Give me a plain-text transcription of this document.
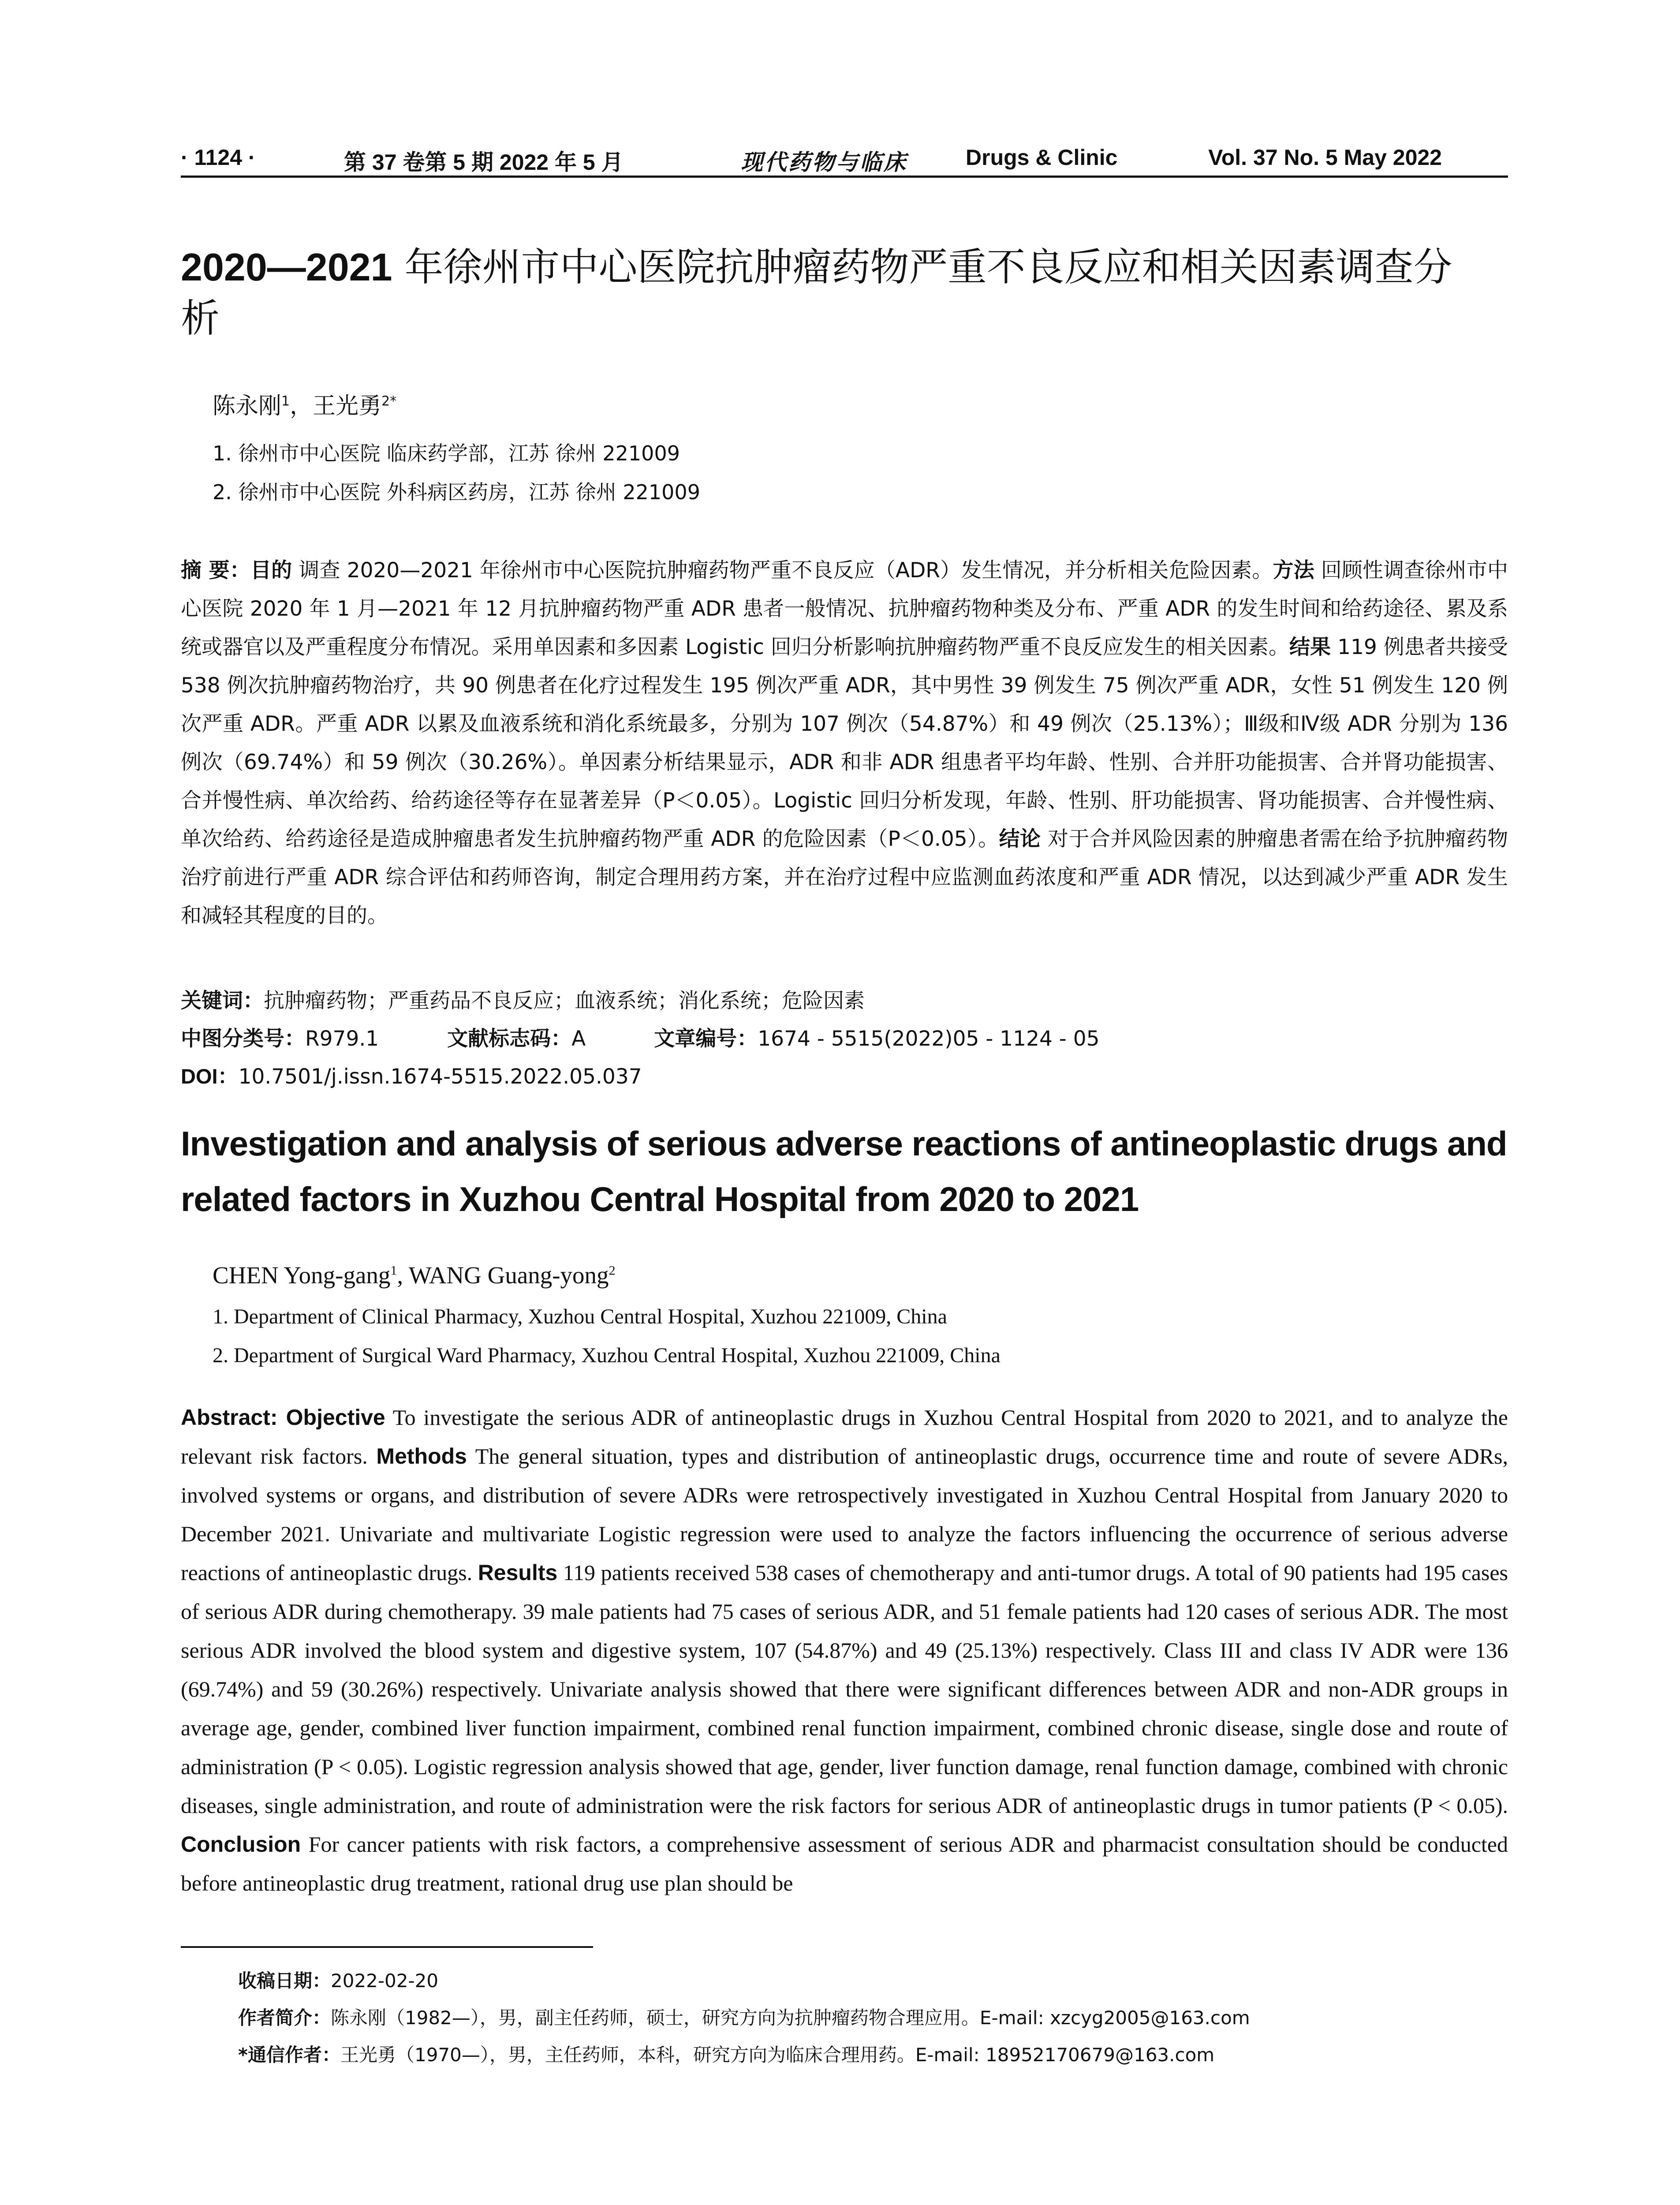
· 1124 ·	第 37 卷第 5 期 2022 年 5 月	现代药物与临床	Drugs & Clinic	Vol. 37 No. 5 May 2022
2020—2021 年徐州市中心医院抗肿瘤药物严重不良反应和相关因素调查分析
陈永刚$^1$，王光勇$^{2*}$
1. 徐州市中心医院 临床药学部，江苏 徐州 221009
2. 徐州市中心医院 外科病区药房，江苏 徐州 221009
摘 要：目的 调查 2020—2021 年徐州市中心医院抗肿瘤药物严重不良反应（ADR）发生情况，并分析相关危险因素。方法 回顾性调查徐州市中心医院 2020 年 1 月—2021 年 12 月抗肿瘤药物严重 ADR 患者一般情况、抗肿瘤药物种类及分布、严重 ADR 的发生时间和给药途径、累及系统或器官以及严重程度分布情况。采用单因素和多因素 Logistic 回归分析影响抗肿瘤药物严重不良反应发生的相关因素。结果 119 例患者共接受 538 例次抗肿瘤药物治疗，共 90 例患者在化疗过程发生 195 例次严重 ADR，其中男性 39 例发生 75 例次严重 ADR，女性 51 例发生 120 例次严重 ADR。严重 ADR 以累及血液系统和消化系统最多，分别为 107 例次（54.87%）和 49 例次（25.13%）；Ⅲ级和Ⅳ级 ADR 分别为 136 例次（69.74%）和 59 例次（30.26%）。单因素分析结果显示，ADR 和非 ADR 组患者平均年龄、性别、合并肝功能损害、合并肾功能损害、合并慢性病、单次给药、给药途径等存在显著差异（P＜0.05）。Logistic 回归分析发现，年龄、性别、肝功能损害、肾功能损害、合并慢性病、单次给药、给药途径是造成肿瘤患者发生抗肿瘤药物严重 ADR 的危险因素（P＜0.05）。结论 对于合并风险因素的肿瘤患者需在给予抗肿瘤药物治疗前进行严重 ADR 综合评估和药师咨询，制定合理用药方案，并在治疗过程中应监测血药浓度和严重 ADR 情况，以达到减少严重 ADR 发生和减轻其程度的目的。
关键词：抗肿瘤药物；严重药品不良反应；血液系统；消化系统；危险因素
中图分类号：R979.1	文献标志码：A	文章编号：1674 - 5515(2022)05 - 1124 - 05
DOI：10.7501/j.issn.1674-5515.2022.05.037
Investigation and analysis of serious adverse reactions of antineoplastic drugs and related factors in Xuzhou Central Hospital from 2020 to 2021
CHEN Yong-gang$^1$, WANG Guang-yong$^2$
1. Department of Clinical Pharmacy, Xuzhou Central Hospital, Xuzhou 221009, China
2. Department of Surgical Ward Pharmacy, Xuzhou Central Hospital, Xuzhou 221009, China
Abstract: Objective To investigate the serious ADR of antineoplastic drugs in Xuzhou Central Hospital from 2020 to 2021, and to analyze the relevant risk factors. Methods The general situation, types and distribution of antineoplastic drugs, occurrence time and route of severe ADRs, involved systems or organs, and distribution of severe ADRs were retrospectively investigated in Xuzhou Central Hospital from January 2020 to December 2021. Univariate and multivariate Logistic regression were used to analyze the factors influencing the occurrence of serious adverse reactions of antineoplastic drugs. Results 119 patients received 538 cases of chemotherapy and anti-tumor drugs. A total of 90 patients had 195 cases of serious ADR during chemotherapy. 39 male patients had 75 cases of serious ADR, and 51 female patients had 120 cases of serious ADR. The most serious ADR involved the blood system and digestive system, 107 (54.87%) and 49 (25.13%) respectively. Class III and class IV ADR were 136 (69.74%) and 59 (30.26%) respectively. Univariate analysis showed that there were significant differences between ADR and non-ADR groups in average age, gender, combined liver function impairment, combined renal function impairment, combined chronic disease, single dose and route of administration (P < 0.05). Logistic regression analysis showed that age, gender, liver function damage, renal function damage, combined with chronic diseases, single administration, and route of administration were the risk factors for serious ADR of antineoplastic drugs in tumor patients (P < 0.05). Conclusion For cancer patients with risk factors, a comprehensive assessment of serious ADR and pharmacist consultation should be conducted before antineoplastic drug treatment, rational drug use plan should be
收稿日期：2022-02-20
作者简介：陈永刚（1982—），男，副主任药师，硕士，研究方向为抗肿瘤药物合理应用。E-mail: xzcyg2005@163.com
*通信作者：王光勇（1970—），男，主任药师，本科，研究方向为临床合理用药。E-mail: 18952170679@163.com
